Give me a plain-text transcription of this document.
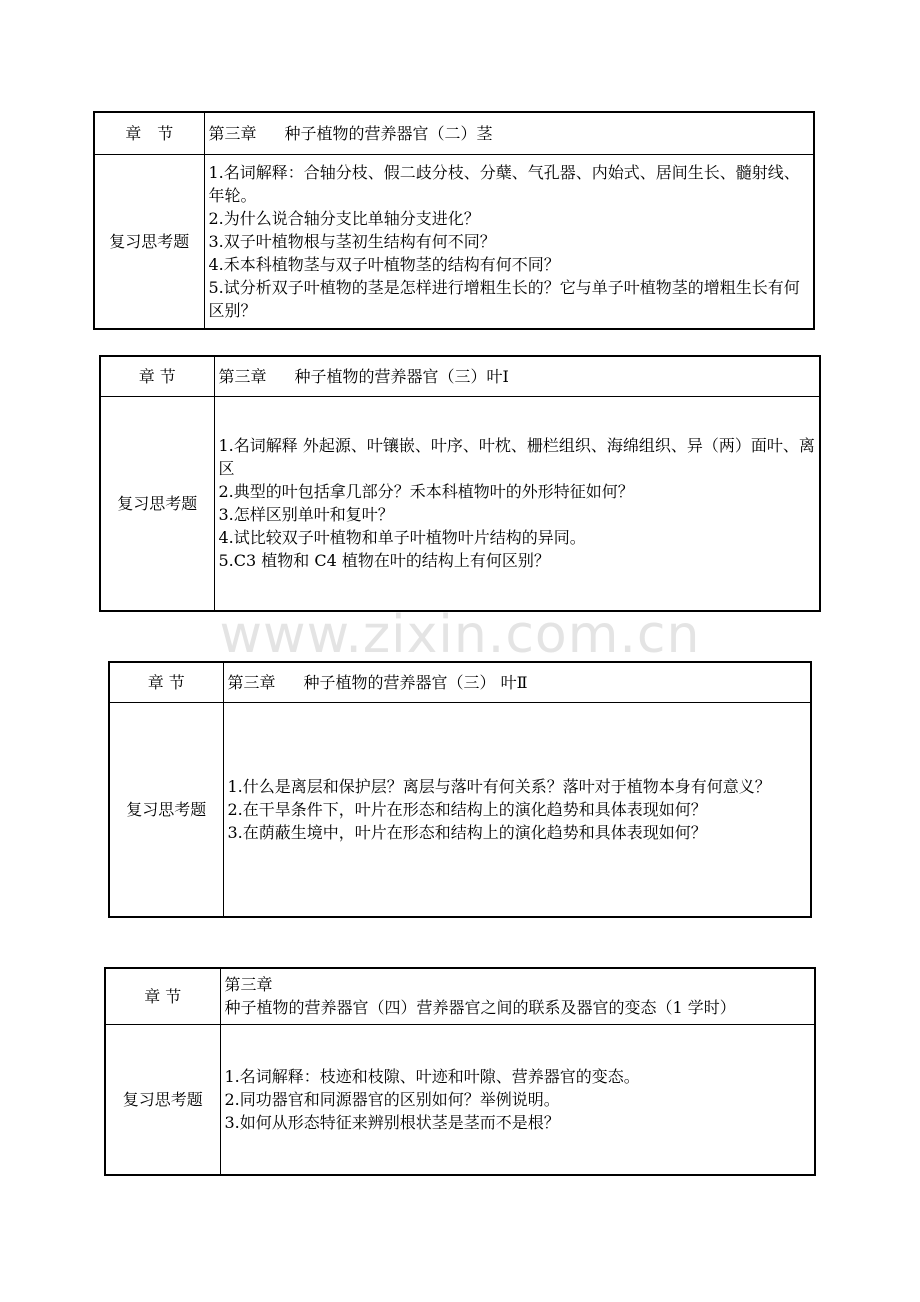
www.zixin.com.cn
章　节	第三章 种子植物的营养器官（二）茎
复习思考题	1.名词解释：合轴分枝、假二歧分枝、分蘖、气孔器、内始式、居间生长、髓射线、年轮。

2.为什么说合轴分支比单轴分支进化？

3.双子叶植物根与茎初生结构有何不同？

4.禾本科植物茎与双子叶植物茎的结构有何不同？

5.试分析双子叶植物的茎是怎样进行增粗生长的？它与单子叶植物茎的增粗生长有何区别？

章 节	第三章 种子植物的营养器官（三）叶Ⅰ
复习思考题	1.名词解释 外起源、叶镶嵌、叶序、叶枕、栅栏组织、海绵组织、异（两）面叶、离区

2.典型的叶包括拿几部分？禾本科植物叶的外形特征如何？

3.怎样区别单叶和复叶？

4.试比较双子叶植物和单子叶植物叶片结构的异同。

5.C3 植物和 C4 植物在叶的结构上有何区别？

章 节	第三章 种子植物的营养器官（三） 叶Ⅱ
复习思考题	1.什么是离层和保护层？离层与落叶有何关系？落叶对于植物本身有何意义？

2.在干旱条件下，叶片在形态和结构上的演化趋势和具体表现如何？

3.在荫蔽生境中，叶片在形态和结构上的演化趋势和具体表现如何？

章 节	第三章种子植物的营养器官（四）营养器官之间的联系及器官的变态（1 学时）
复习思考题	1.名词解释：枝迹和枝隙、叶迹和叶隙、营养器官的变态。

2.同功器官和同源器官的区别如何？举例说明。

3.如何从形态特征来辨别根状茎是茎而不是根？
